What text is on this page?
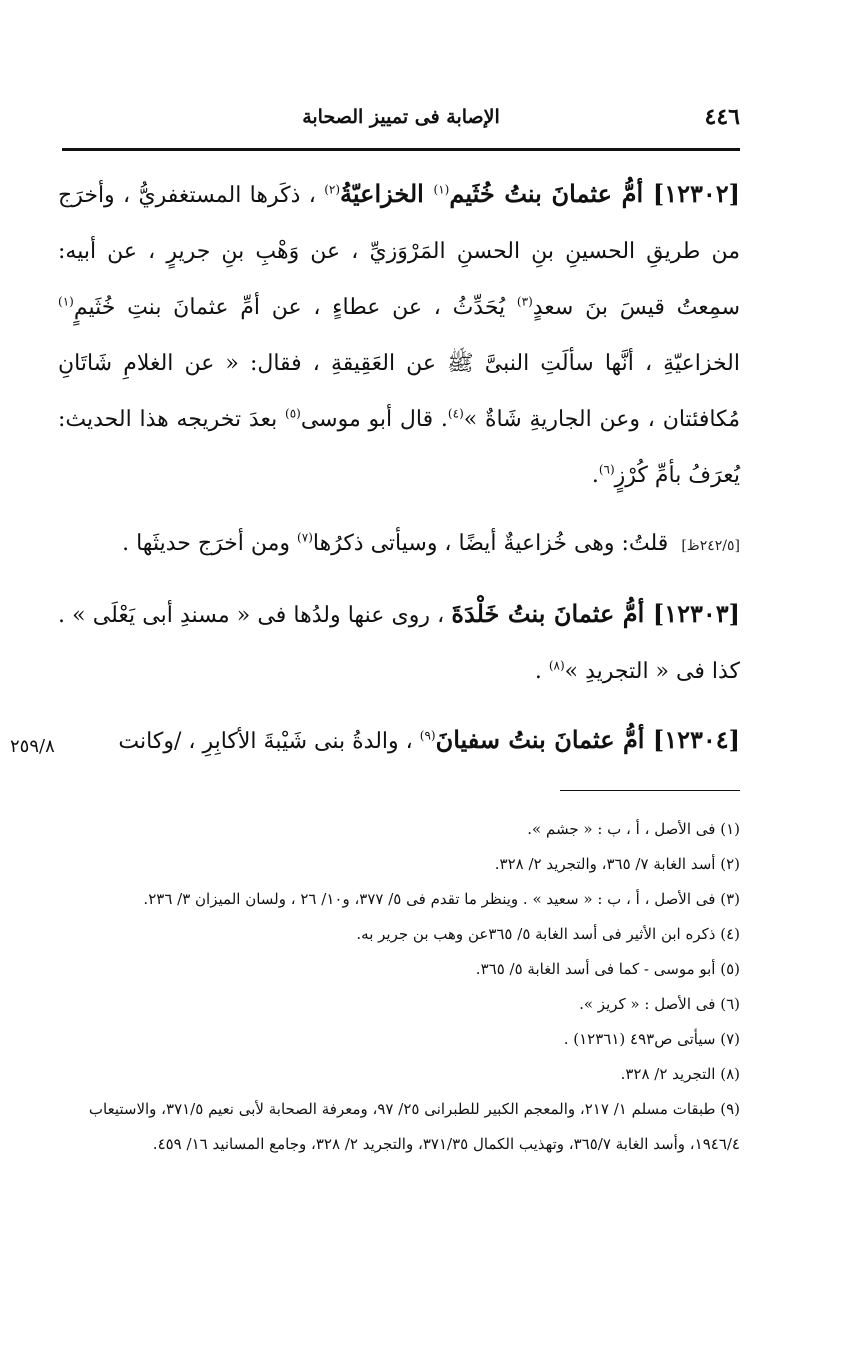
٤٤٦
الإصابة فى تمييز الصحابة

[١٢٣٠٢] أمُّ عثمانَ بنتُ خُثَيم$^{(١)}$ الخزاعيّةُ$^{(٢)}$ ، ذكَرها المستغفريُّ ، وأخرَج من طريقِ الحسينِ بنِ الحسنِ المَرْوَزيِّ ، عن وَهْبِ بنِ جريرٍ ، عن أبيه: سمِعتُ قيسَ بنَ سعدٍ$^{(٣)}$ يُحَدِّثُ ، عن عطاءٍ ، عن أمِّ عثمانَ بنتِ خُثَيمٍ$^{(١)}$ الخزاعيّةِ ، أنَّها سألَتِ النبىَّ ﷺ عن العَقِيقةِ ، فقال: « عن الغلامِ شَاتَانِ مُكافئتان ، وعن الجاريةِ شَاةٌ »$^{(٤)}$. قال أبو موسى$^{(٥)}$ بعدَ تخريجه هذا الحديث: يُعرَفُ بأمِّ كُرْزٍ$^{(٦)}$.

[٢٤٢/٥ظ] قلتُ: وهى خُزاعيةٌ أيضًا ، وسيأتى ذكرُها$^{(٧)}$ ومن أخرَج حديثَها .

[١٢٣٠٣] أمُّ عثمانَ بنتُ خَلْدَةَ ، روى عنها ولدُها فى « مسندِ أبى يَعْلَى » . كذا فى « التجريدِ »$^{(٨)}$ .

[١٢٣٠٤] أمُّ عثمانَ بنتُ سفيانَ$^{(٩)}$ ، والدةُ بنى شَيْبةَ الأكابِرِ ، /وكانت

٢٥٩/٨
(١) فى الأصل ، أ ، ب : « جشم ».
(٢) أسد الغابة ٧/ ٣٦٥، والتجريد ٢/ ٣٢٨.
(٣) فى الأصل ، أ ، ب : « سعيد » . وينظر ما تقدم فى ٥/ ٣٧٧، و١٠/ ٢٦ ، ولسان الميزان ٣/ ٢٣٦.
(٤) ذكره ابن الأثير فى أسد الغابة ٥/ ٣٦٥عن وهب بن جرير به.
(٥) أبو موسى - كما فى أسد الغابة ٥/ ٣٦٥.
(٦) فى الأصل : « كريز ».
(٧) سيأتى ص٤٩٣ (١٢٣٦١) .
(٨) التجريد ٢/ ٣٢٨.
(٩) طبقات مسلم ١/ ٢١٧، والمعجم الكبير للطبرانى ٢٥/ ٩٧، ومعرفة الصحابة لأبى نعيم ٣٧١/٥، والاستيعاب ١٩٤٦/٤، وأسد الغابة ٣٦٥/٧، وتهذيب الكمال ٣٧١/٣٥، والتجريد ٢/ ٣٢٨، وجامع المسانيد ١٦/ ٤٥٩.
